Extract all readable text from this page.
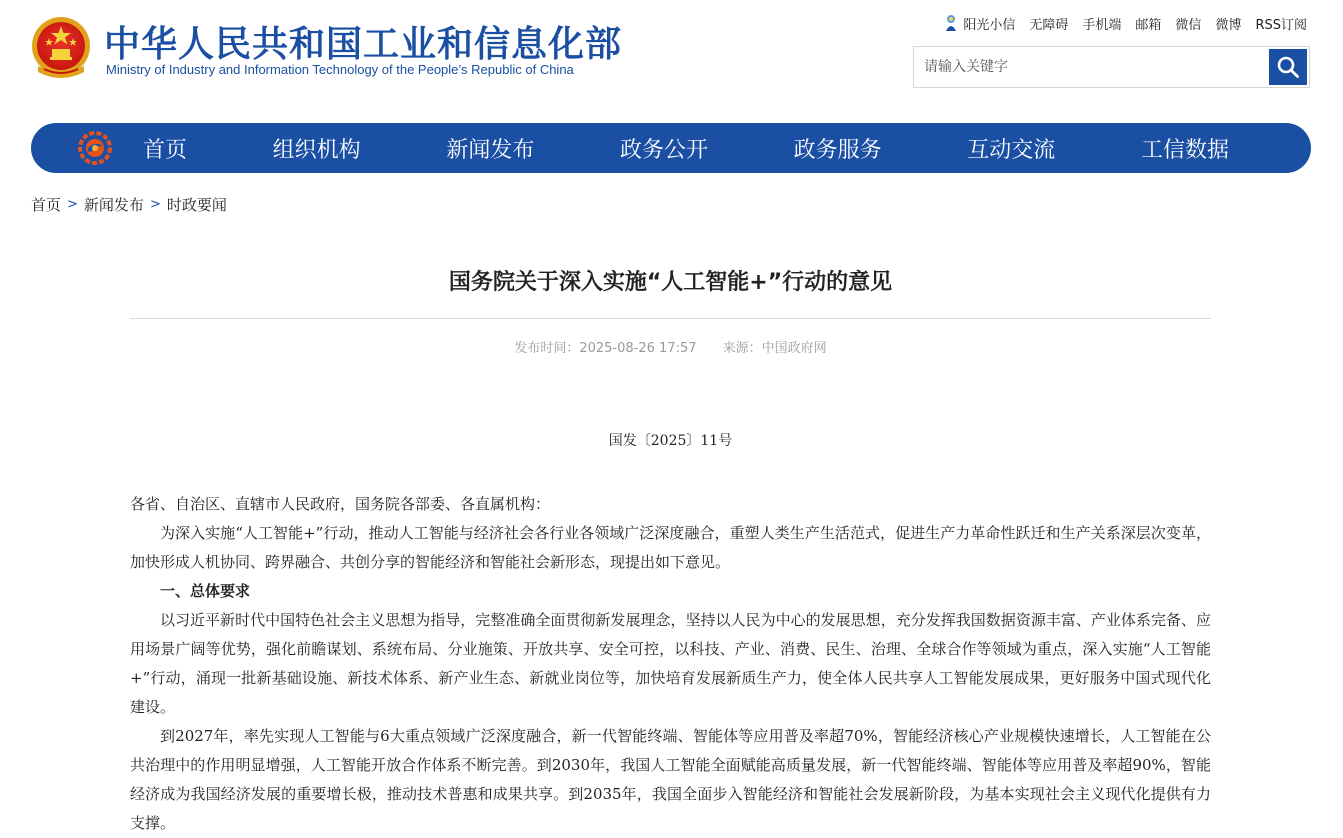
中华人民共和国工业和信息化部
Ministry of Industry and Information Technology of the People’s Republic of China
阳光小信 无障碍 手机端 邮箱 微信 微博 RSS订阅
请输入关键字
首页	组织机构	新闻发布	政务公开	政务服务	互动交流	工信数据
首页 > 新闻发布 > 时政要闻
国务院关于深入实施“人工智能+”行动的意见
发布时间：2025-08-26 17:57 来源：中国政府网
国发〔2025〕11号

各省、自治区、直辖市人民政府，国务院各部委、各直属机构：

为深入实施“人工智能+”行动，推动人工智能与经济社会各行业各领域广泛深度融合，重塑人类生产生活范式，促进生产力革命性跃迁和生产关系深层次变革，加快形成人机协同、跨界融合、共创分享的智能经济和智能社会新形态，现提出如下意见。

一、总体要求

以习近平新时代中国特色社会主义思想为指导，完整准确全面贯彻新发展理念，坚持以人民为中心的发展思想，充分发挥我国数据资源丰富、产业体系完备、应用场景广阔等优势，强化前瞻谋划、系统布局、分业施策、开放共享、安全可控，以科技、产业、消费、民生、治理、全球合作等领域为重点，深入实施“人工智能+”行动，涌现一批新基础设施、新技术体系、新产业生态、新就业岗位等，加快培育发展新质生产力，使全体人民共享人工智能发展成果，更好服务中国式现代化建设。

到2027年，率先实现人工智能与6大重点领域广泛深度融合，新一代智能终端、智能体等应用普及率超70%，智能经济核心产业规模快速增长，人工智能在公共治理中的作用明显增强，人工智能开放合作体系不断完善。到2030年，我国人工智能全面赋能高质量发展，新一代智能终端、智能体等应用普及率超90%，智能经济成为我国经济发展的重要增长极，推动技术普惠和成果共享。到2035年，我国全面步入智能经济和智能社会发展新阶段，为基本实现社会主义现代化提供有力支撑。
